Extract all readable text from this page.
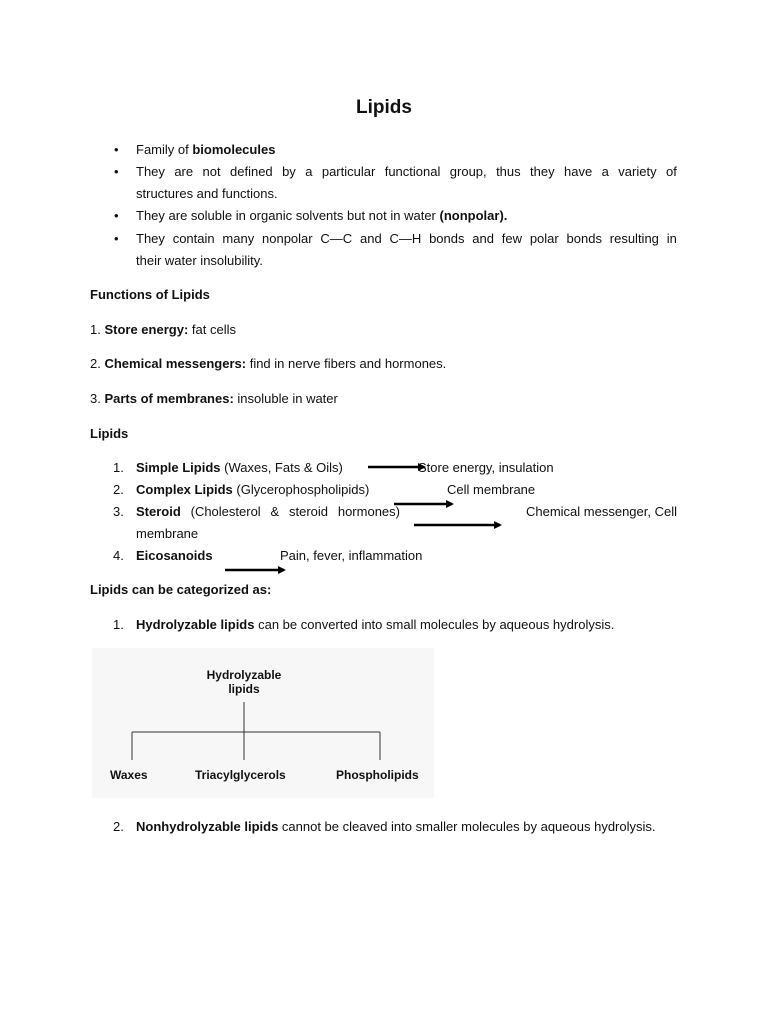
Lipids
• Family of biomolecules
• They are not defined by a particular functional group, thus they have a variety of
structures and functions.
• They are soluble in organic solvents but not in water (nonpolar).
• They contain many nonpolar C—C and C—H bonds and few polar bonds resulting in
their water insolubility.
Functions of Lipids
1. Store energy: fat cells
2. Chemical messengers: find in nerve fibers and hormones.
3. Parts of membranes: insoluble in water
Lipids
1. Simple Lipids (Waxes, Fats & Oils)	Store energy, insulation
2. Complex Lipids (Glycerophospholipids)	Cell membrane
3. Steroid (Cholesterol & steroid hormones)	Chemical messenger, Cell
membrane
4. Eicosanoids	Pain, fever, inflammation
Lipids can be categorized as:
1. Hydrolyzable lipids can be converted into small molecules by aqueous hydrolysis.
Hydrolyzable
lipids
Waxes	Triacylglycerols	Phospholipids
2. Nonhydrolyzable lipids cannot be cleaved into smaller molecules by aqueous hydrolysis.
